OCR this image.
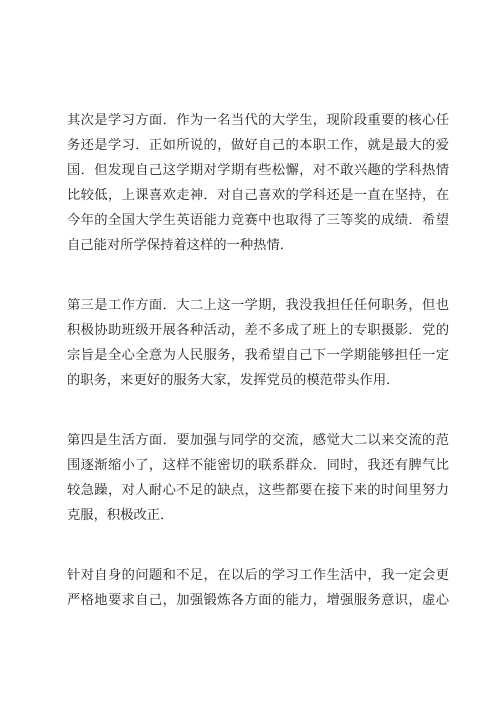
其次是学习方面．作为一名当代的大学生，现阶段重要的核心任
务还是学习．正如所说的，做好自己的本职工作，就是最大的爱
国．但发现自己这学期对学期有些松懈，对不敢兴趣的学科热情
比较低，上课喜欢走神．对自己喜欢的学科还是一直在坚持，在
今年的全国大学生英语能力竞赛中也取得了三等奖的成绩．希望
自己能对所学保持着这样的一种热情．

第三是工作方面．大二上这一学期，我没我担任任何职务，但也
积极协助班级开展各种活动，差不多成了班上的专职摄影．党的
宗旨是全心全意为人民服务，我希望自己下一学期能够担任一定
的职务，来更好的服务大家，发挥党员的模范带头作用．

第四是生活方面．要加强与同学的交流，感觉大二以来交流的范
围逐渐缩小了，这样不能密切的联系群众．同时，我还有脾气比
较急躁，对人耐心不足的缺点，这些都要在接下来的时间里努力
克服，积极改正．

针对自身的问题和不足，在以后的学习工作生活中，我一定会更
严格地要求自己，加强锻炼各方面的能力，增强服务意识，虚心
